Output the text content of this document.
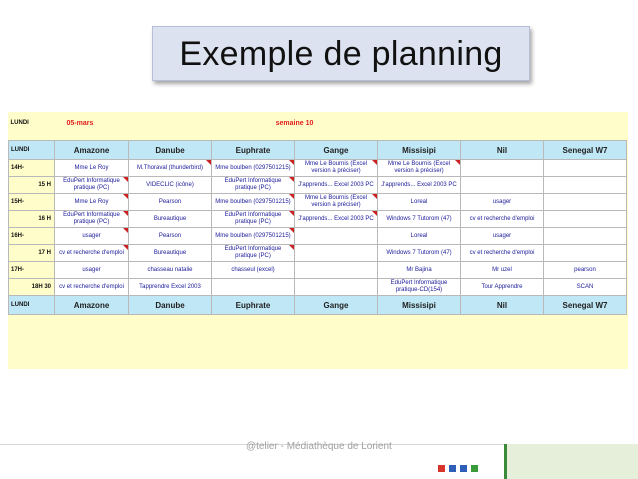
Exemple de planning
LUNDI	05-mars		semaine 10				

LUNDI	Amazone	Danube	Euphrate	Gange	Missisipi	Nil	Senegal W7
14H-	Mme Le Roy	M.Thoraval (thunderbird)	Mme boulben (0297501215)	Mme Le Bournis (Excel version à préciser)	Mme Le Bournis (Excel version à préciser)		
15 H	EduPert Informatique pratique (PC)	VIDECLIC (icône)	EduPert Informatique pratique (PC)	J'apprends... Excel 2003 PC	J'apprends... Excel 2003 PC		
15H-	Mme Le Roy	Pearson	Mme boulben (0297501215)	Mme Le Bournis (Excel version à préciser)	Loreal	usager	
16 H	EduPert Informatique pratique (PC)	Bureautique	EduPert Informatique pratique (PC)	J'apprends... Excel 2003 PC	Windows 7 Tutorom (47)	cv et recherche d'emploi	
16H-	usager	Pearson	Mme boulben (0297501215)		Loreal	usager	
17 H	cv et recherche d'emploi	Bureautique	EduPert Informatique pratique (PC)		Windows 7 Tutorom (47)	cv et recherche d'emploi	
17H-	usager	chasseau natalie	chasseul (excel)		Mr Bajina	Mr uzel	pearson
18H 30	cv et recherche d'emploi	Tapprendre Excel 2003			EduPert Informatique pratique-CD(154)	Tour Apprendre	SCAN
LUNDI	Amazone	Danube	Euphrate	Gange	Missisipi	Nil	Senegal W7
@telier - Médiathèque de Lorient
